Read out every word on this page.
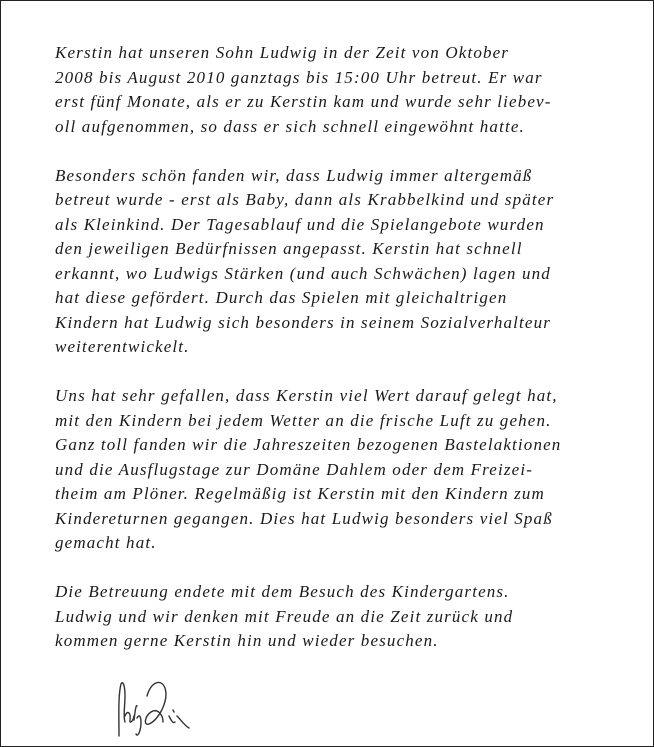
Kerstin hat unseren Sohn Ludwig in der Zeit von Oktober
2008 bis August 2010 ganztags bis 15:00 Uhr betreut. Er war
erst fünf Monate, als er zu Kerstin kam und wurde sehr liebev-
oll aufgenommen, so dass er sich schnell eingewöhnt hatte.
Besonders schön fanden wir, dass Ludwig immer altergemäß
betreut wurde - erst als Baby, dann als Krabbelkind und später
als Kleinkind. Der Tagesablauf und die Spielangebote wurden
den jeweiligen Bedürfnissen angepasst. Kerstin hat schnell
erkannt, wo Ludwigs Stärken (und auch Schwächen) lagen und
hat diese gefördert. Durch das Spielen mit gleichaltrigen
Kindern hat Ludwig sich besonders in seinem Sozialverhalteur
weiterentwickelt.
Uns hat sehr gefallen, dass Kerstin viel Wert darauf gelegt hat,
mit den Kindern bei jedem Wetter an die frische Luft zu gehen.
Ganz toll fanden wir die Jahreszeiten bezogenen Bastelaktionen
und die Ausflugstage zur Domäne Dahlem oder dem Freizei-
theim am Plöner. Regelmäßig ist Kerstin mit den Kindern zum
Kindereturnen gegangen. Dies hat Ludwig besonders viel Spaß
gemacht hat.
Die Betreuung endete mit dem Besuch des Kindergartens.
Ludwig und wir denken mit Freude an die Zeit zurück und
kommen gerne Kerstin hin und wieder besuchen.
